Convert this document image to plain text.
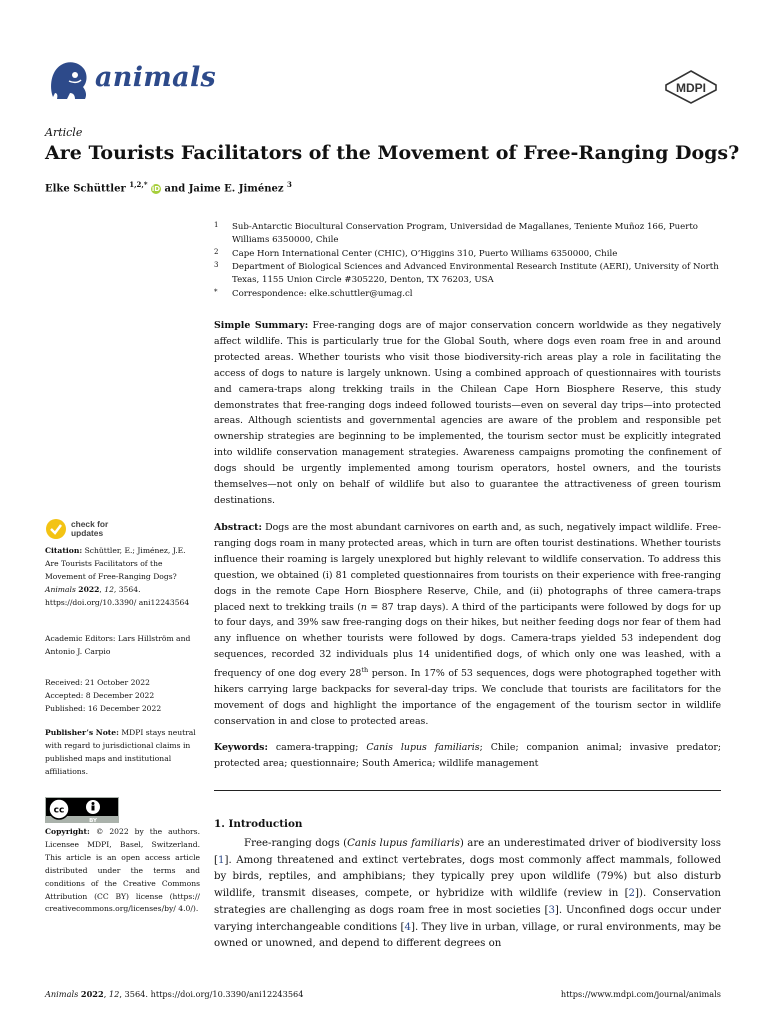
animals	MDPI
Article
Are Tourists Facilitators of the Movement of Free-Ranging Dogs?
Elke Schüttler $^{1,2,*}$ iD and Jaime E. Jiménez $^3$
1 Sub-Antarctic Biocultural Conservation Program, Universidad de Magallanes, Teniente Muñoz 166, Puerto Williams 6350000, Chile
2 Cape Horn International Center (CHIC), O’Higgins 310, Puerto Williams 6350000, Chile
3 Department of Biological Sciences and Advanced Environmental Research Institute (AERI), University of North Texas, 1155 Union Circle #305220, Denton, TX 76203, USA
* Correspondence: elke.schuttler@umag.cl
Simple Summary: Free-ranging dogs are of major conservation concern worldwide as they negatively affect wildlife. This is particularly true for the Global South, where dogs even roam free in and around protected areas. Whether tourists who visit those biodiversity-rich areas play a role in facilitating the access of dogs to nature is largely unknown. Using a combined approach of questionnaires with tourists and camera-traps along trekking trails in the Chilean Cape Horn Biosphere Reserve, this study demonstrates that free-ranging dogs indeed followed tourists—even on several day trips—into protected areas. Although scientists and governmental agencies are aware of the problem and responsible pet ownership strategies are beginning to be implemented, the tourism sector must be explicitly integrated into wildlife conservation management strategies. Awareness campaigns promoting the confinement of dogs should be urgently implemented among tourism operators, hostel owners, and the tourists themselves—not only on behalf of wildlife but also to guarantee the attractiveness of green tourism destinations.
Abstract: Dogs are the most abundant carnivores on earth and, as such, negatively impact wildlife. Free-ranging dogs roam in many protected areas, which in turn are often tourist destinations. Whether tourists influence their roaming is largely unexplored but highly relevant to wildlife conservation. To address this question, we obtained (i) 81 completed questionnaires from tourists on their experience with free-ranging dogs in the remote Cape Horn Biosphere Reserve, Chile, and (ii) photographs of three camera-traps placed next to trekking trails (n = 87 trap days). A third of the participants were followed by dogs for up to four days, and 39% saw free-ranging dogs on their hikes, but neither feeding dogs nor fear of them had any influence on whether tourists were followed by dogs. Camera-traps yielded 53 independent dog sequences, recorded 32 individuals plus 14 unidentified dogs, of which only one was leashed, with a frequency of one dog every 28th person. In 17% of 53 sequences, dogs were photographed together with hikers carrying large backpacks for several-day trips. We conclude that tourists are facilitators for the movement of dogs and highlight the importance of the engagement of the tourism sector in wildlife conservation in and close to protected areas.
Keywords: camera-trapping; Canis lupus familiaris; Chile; companion animal; invasive predator; protected area; questionnaire; South America; wildlife management
check for
updates
Citation: Schüttler, E.; Jiménez, J.E. Are Tourists Facilitators of the Movement of Free-Ranging Dogs? Animals 2022, 12, 3564. https://doi.org/10.3390/ ani12243564
Academic Editors: Lars Hillström and Antonio J. Carpio
Received: 21 October 2022
Accepted: 8 December 2022
Published: 16 December 2022
Publisher’s Note: MDPI stays neutral with regard to jurisdictional claims in published maps and institutional affiliations.
cc
BY
Copyright: © 2022 by the authors. Licensee MDPI, Basel, Switzerland. This article is an open access article distributed under the terms and conditions of the Creative Commons Attribution (CC BY) license (https:// creativecommons.org/licenses/by/ 4.0/).
1. Introduction
Free-ranging dogs (Canis lupus familiaris) are an underestimated driver of biodiversity loss [1]. Among threatened and extinct vertebrates, dogs most commonly affect mammals, followed by birds, reptiles, and amphibians; they typically prey upon wildlife (79%) but also disturb wildlife, transmit diseases, compete, or hybridize with wildlife (review in [2]). Conservation strategies are challenging as dogs roam free in most societies [3]. Unconfined dogs occur under varying interchangeable conditions [4]. They live in urban, village, or rural environments, may be owned or unowned, and depend to different degrees on
Animals 2022, 12, 3564. https://doi.org/10.3390/ani12243564	https://www.mdpi.com/journal/animals
